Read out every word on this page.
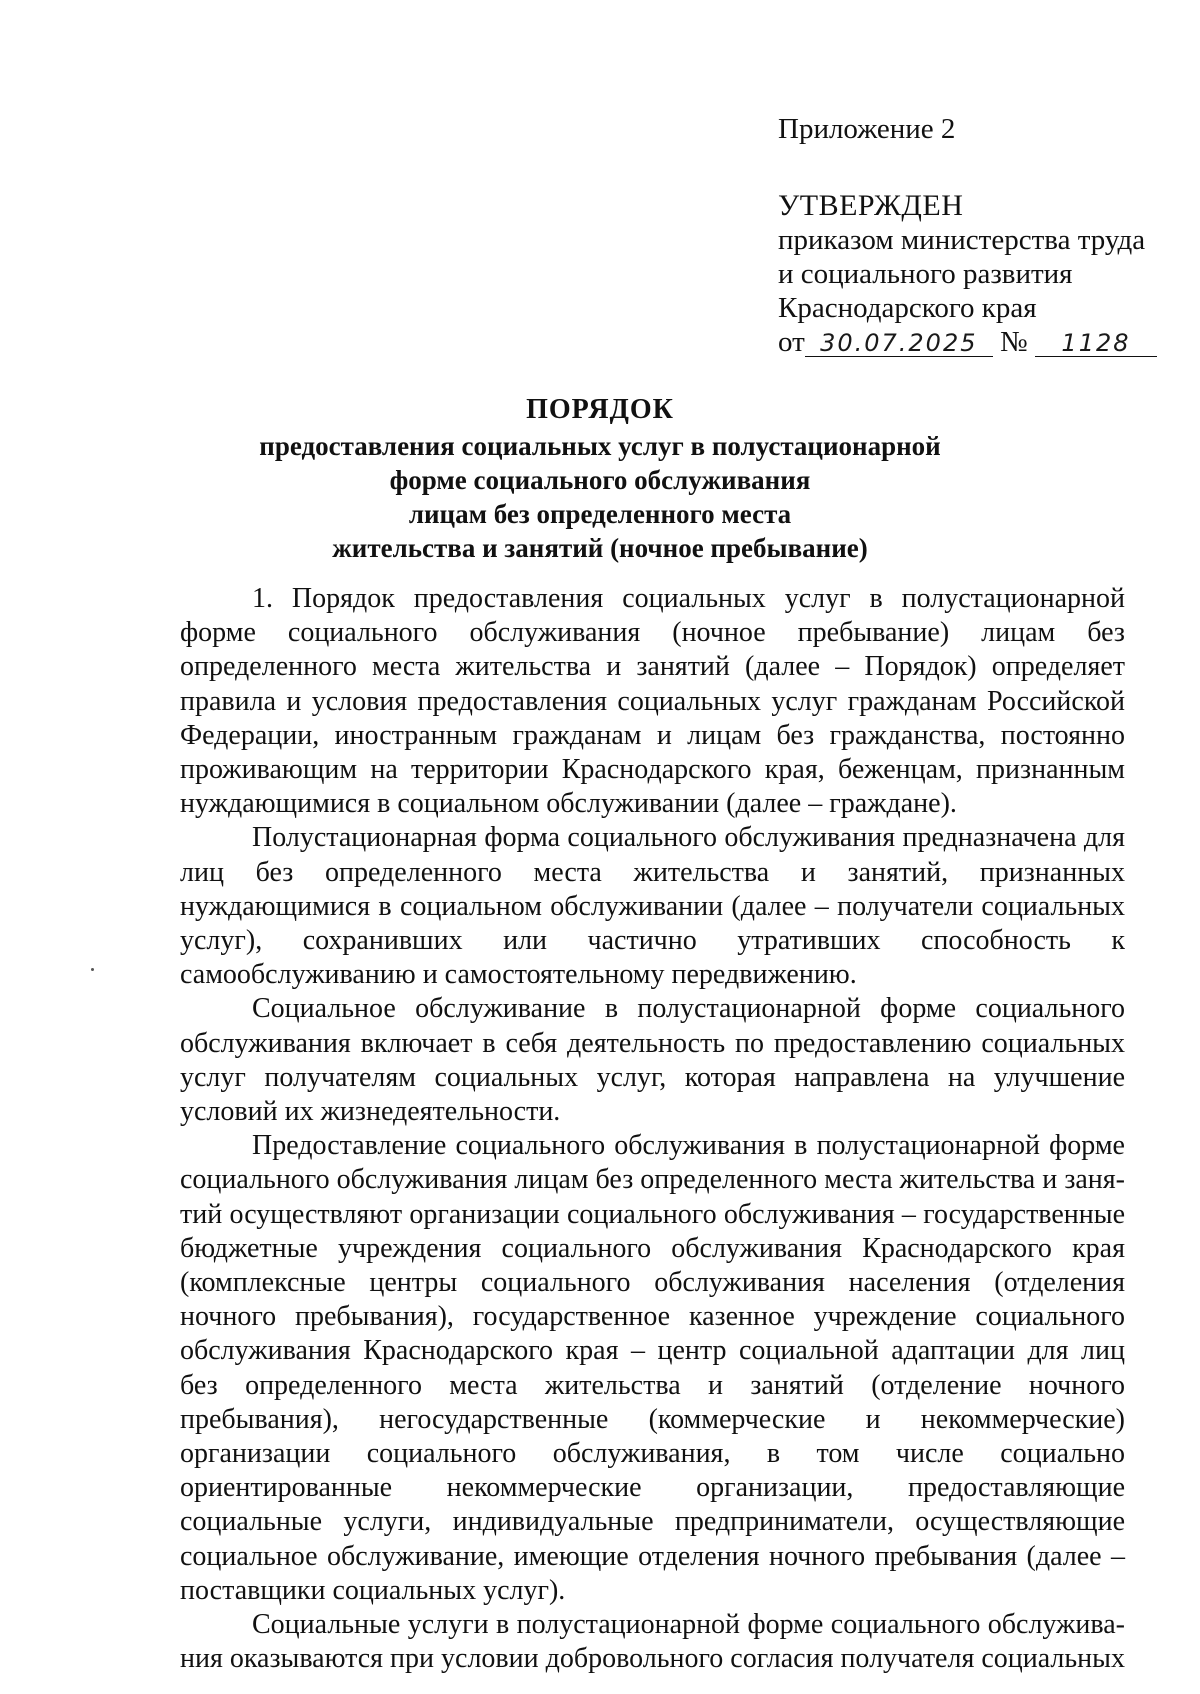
Приложение 2
УТВЕРЖДЕН
приказом министерства труда
и социального развития
Краснодарского края
от 30.07.2025 № 1128
ПОРЯДОК
предоставления социальных услуг в полустационарной
форме социального обслуживания
лицам без определенного места
жительства и занятий (ночное пребывание)

1. Порядок предоставления социальных услуг в полустационарной форме социального обслуживания (ночное пребывание) лицам без определенного места жительства и занятий (далее – Порядок) определяет правила и условия предоставления социальных услуг гражданам Российской Федерации, иностранным гражданам и лицам без гражданства, постоянно проживающим на территории Краснодарского края, беженцам, признанным нуждающимися в социальном обслуживании (далее – граждане).

Полустационарная форма социального обслуживания предназначена для лиц без определенного места жительства и занятий, признанных нуждающимися в социальном обслуживании (далее – получатели социальных услуг), сохранивших или частично утративших способность к самообслуживанию и самостоятельному передвижению.

Социальное обслуживание в полустационарной форме социального обслуживания включает в себя деятельность по предоставлению социальных услуг получателям социальных услуг, которая направлена на улучшение условий их жизнедеятельности.

Предоставление социального обслуживания в полустационарной форме социального обслуживания лицам без определенного места жительства и занятий осуществляют организации социального обслуживания – государственные бюджетные учреждения социального обслуживания Краснодарского края (комплексные центры социального обслуживания населения (отделения ночного пребывания), государственное казенное учреждение социального обслуживания Краснодарского края – центр социальной адаптации для лиц без определенного места жительства и занятий (отделение ночного пребывания), негосударственные (коммерческие и некоммерческие) организации социального обслуживания, в том числе социально ориентированные некоммерческие организации, предоставляющие социальные услуги, индивидуальные предприниматели, осуществляющие социальное обслуживание, имеющие отделения ночного пребывания (далее – поставщики социальных услуг).

Социальные услуги в полустационарной форме социального обслуживания оказываются при условии добровольного согласия получателя социальных
